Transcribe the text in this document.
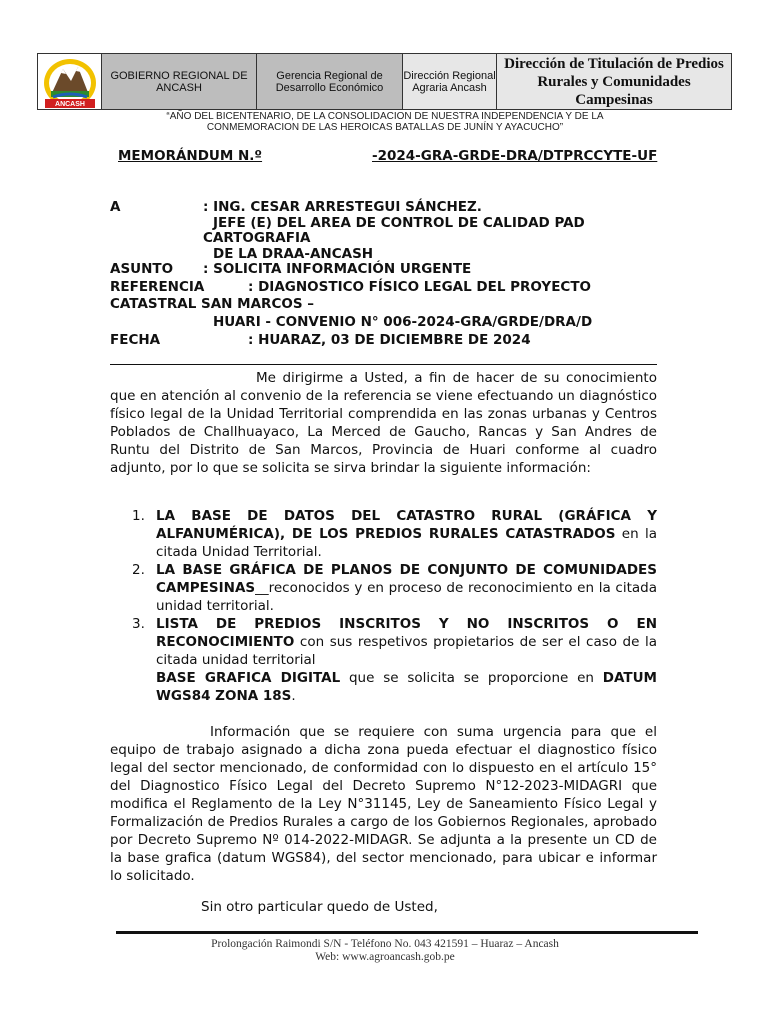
ANCASH
GOBIERNO REGIONAL DE ANCASH
Gerencia Regional de Desarrollo Económico
Dirección Regional Agraria Ancash
Dirección de Titulación de Predios Rurales y Comunidades Campesinas
“AÑO DEL BICENTENARIO, DE LA CONSOLIDACION DE NUESTRA INDEPENDENCIA Y DE LA CONMEMORACION DE LAS HEROICAS BATALLAS DE JUNÍN Y AYACUCHO”
MEMORÁNDUM N.º	-2024-GRA-GRDE-DRA/DTPRCCYTE-UF
A	: ING. CESAR ARRESTEGUI SÁNCHEZ.
JEFE (E) DEL AREA DE CONTROL DE CALIDAD PAD
CARTOGRAFIA
DE LA DRAA-ANCASH
ASUNTO : SOLICITA INFORMACIÓN URGENTE
REFERENCIA	: DIAGNOSTICO FÍSICO LEGAL DEL PROYECTO
CATASTRAL SAN MARCOS –
HUARI - CONVENIO N° 006-2024-GRA/GRDE/DRA/D
FECHA	: HUARAZ, 03 DE DICIEMBRE DE 2024
Me dirigirme a Usted, a fin de hacer de su conocimiento que en atención al convenio de la referencia se viene efectuando un diagnóstico físico legal de la Unidad Territorial comprendida en las zonas urbanas y Centros Poblados de Challhuayaco, La Merced de Gaucho, Rancas y San Andres de Runtu del Distrito de San Marcos, Provincia de Huari conforme al cuadro adjunto, por lo que se solicita se sirva brindar la siguiente información:
1. LA BASE DE DATOS DEL CATASTRO RURAL (GRÁFICA Y ALFANUMÉRICA), DE LOS PREDIOS RURALES CATASTRADOS en la citada Unidad Territorial.
2. LA BASE GRÁFICA DE PLANOS DE CONJUNTO DE COMUNIDADES CAMPESINAS__reconocidos y en proceso de reconocimiento en la citada unidad territorial.
3. LISTA DE PREDIOS INSCRITOS Y NO INSCRITOS O EN RECONOCIMIENTO con sus respetivos propietarios de ser el caso de la citada unidad territorial
BASE GRAFICA DIGITAL que se solicita se proporcione en DATUM WGS84 ZONA 18S.
Información que se requiere con suma urgencia para que el equipo de trabajo asignado a dicha zona pueda efectuar el diagnostico físico legal del sector mencionado, de conformidad con lo dispuesto en el artículo 15° del Diagnostico Físico Legal del Decreto Supremo N°12-2023-MIDAGRI que modifica el Reglamento de la Ley N°31145, Ley de Saneamiento Físico Legal y Formalización de Predios Rurales a cargo de los Gobiernos Regionales, aprobado por Decreto Supremo Nº 014-2022-MIDAGR. Se adjunta a la presente un CD de la base grafica (datum WGS84), del sector mencionado, para ubicar e informar lo solicitado.
Sin otro particular quedo de Usted,
Prolongación Raimondi S/N - Teléfono No. 043 421591 – Huaraz – Ancash
Web: www.agroancash.gob.pe
